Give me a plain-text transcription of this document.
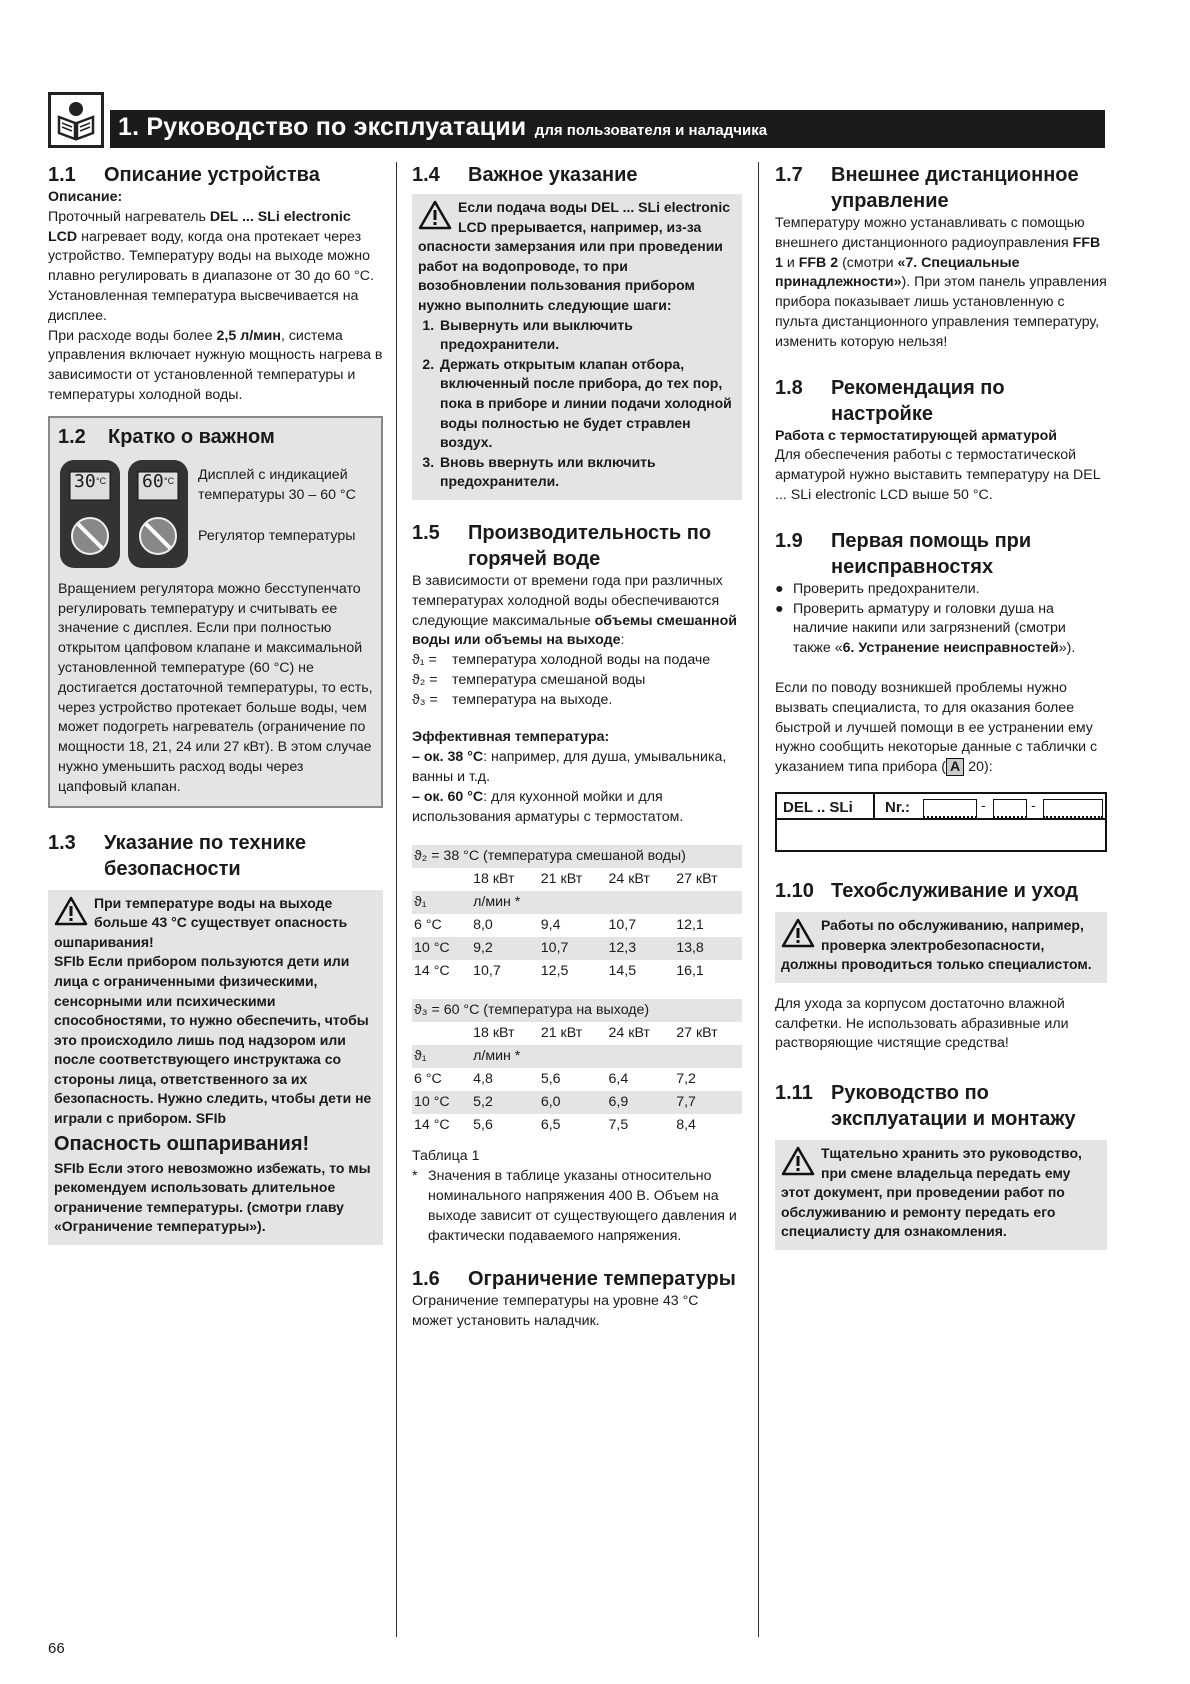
1. Руководство по эксплуатации для пользователя и наладчика
1.1	Описание устройства

Описание:

Проточный нагреватель DEL ... SLi electronic LCD нагревает воду, когда она протекает через устройство. Температуру воды на выходе можно плавно регулировать в диапазоне от 30 до 60 °C. Установленная температура высвечивается на дисплее.

При расходе воды более 2,5 л/мин, система управления включает нужную мощность нагрева в зависимости от установленной температуры и температуры холодной воды.

1.2	Кратко о важном
30	60
°C	°C Дисплей с индикацией температуры 30 – 60 °C
Регулятор температуры

Вращением регулятора можно бесступенчато регулировать температуру и считывать ее значение с дисплея. Если при полностью открытом цапфовом клапане и максимальной установленной температуре (60 °C) не достигается достаточной температуры, то есть, через устройство протекает больше воды, чем может подогреть нагреватель (ограничение по мощности 18, 21, 24 или 27 кВт). В этом случае нужно уменьшить расход воды через цапфовый клапан.

1.3	Указание по технике безопасности
При температуре воды на выходе больше 43 °C существует опасность ошпаривания!
SFIb Если прибором пользуются дети или лица с ограниченными физическими, сенсорными или психическими способностями, то нужно обеспечить, чтобы это происходило лишь под надзором или после соответствующего инструктажа со стороны лица, ответственного за их безопасность. Нужно следить, чтобы дети не играли с прибором. SFIb
Опасность ошпаривания!
SFIb Если этого невозможно избежать, то мы рекомендуем использовать длительное ограничение температуры. (смотри главу «Ограничение температуры»).
1.4	Важное указание
Если подача воды DEL ... SLi electronic LCD прерывается, например, из-за опасности замерзания или при проведении работ на водопроводе, то при возобновлении пользования прибором нужно выполнить следующие шаги:
1. Вывернуть или выключить предохранители.
2. Держать открытым клапан отбора, включенный после прибора, до тех пор, пока в приборе и линии подачи холодной воды полностью не будет стравлен воздух.
3. Вновь ввернуть или включить предохранители.
1.5	Производительность по горячей воде

В зависимости от времени года при различных температурах холодной воды обеспечиваются следующие максимальные объемы смешанной воды или объемы на выходе:

ϑ₁ =	температура холодной воды на подаче
ϑ₂ =	температура смешаной воды
ϑ₃ =	температура на выходе.

Эффективная температура:

– ок. 38 °C: например, для душа, умывальника, ванны и т.д.

– ок. 60 °C: для кухонной мойки и для использования арматуры с термостатом.

ϑ₂ = 38 °C (температура смешаной воды)				
	18 кВт	21 кВт	24 кВт	27 кВт
ϑ₁	л/мин *			
6 °C	8,0	9,4	10,7	12,1
10 °C	9,2	10,7	12,3	13,8
14 °C	10,7	12,5	14,5	16,1
ϑ₃ = 60 °C (температура на выходе)				
	18 кВт	21 кВт	24 кВт	27 кВт
ϑ₁	л/мин *			
6 °C	4,8	5,6	6,4	7,2
10 °C	5,2	6,0	6,9	7,7
14 °C	5,6	6,5	7,5	8,4

Таблица 1

* Значения в таблице указаны относительно номинального напряжения 400 В. Объем на выходе зависит от существующего давления и фактически подаваемого напряжения.
1.6	Ограничение температуры

Ограничение температуры на уровне 43 °C может установить наладчик.

1.7	Внешнее дистанционное управление

Температуру можно устанавливать с помощью внешнего дистанционного радиоуправления FFB 1 и FFB 2 (смотри «7. Специальные принадлежности»). При этом панель управления прибора показывает лишь установленную с пульта дистанционного управления температуру, изменить которую нельзя!

1.8	Рекомендация по настройке

Работа с термостатирующей арматурой

Для обеспечения работы с термостатической арматурой нужно выставить температуру на DEL ... SLi electronic LCD выше 50 °C.

1.9	Первая помощь при неисправностях
● Проверить предохранители.
● Проверить арматуру и головки душа на наличие накипи или загрязнений (смотри также «6. Устранение неисправностей»).

Если по поводу возникшей проблемы нужно вызвать специалиста, то для оказания более быстрой и лучшей помощи в ее устранении ему нужно сообщить некоторые данные с таблички с указанием типа прибора ( A 20):

DEL .. SLi Nr.:	-	-
1.10 Техобслуживание и уход
Работы по обслуживанию, например, проверка электробезопасности, должны проводиться только специалистом.

Для ухода за корпусом достаточно влажной салфетки. Не использовать абразивные или растворяющие чистящие средства!

1.11 Руководство по эксплуатации и монтажу
Тщательно хранить это руководство, при смене владельца передать ему этот документ, при проведении работ по обслуживанию и ремонту передать его специалисту для ознакомления.
66
